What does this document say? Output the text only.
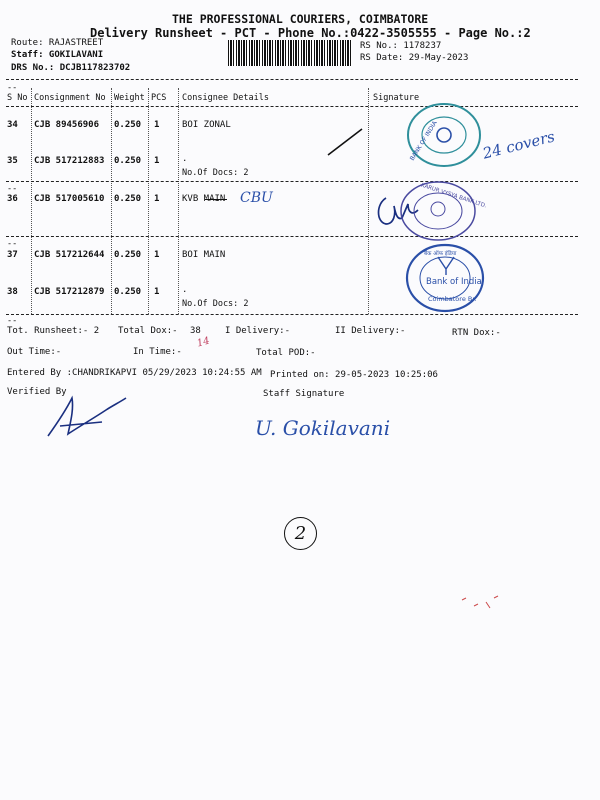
THE PROFESSIONAL COURIERS, COIMBATORE
Delivery Runsheet - PCT - Phone No.:0422-3505555 - Page No.:2
Route: RAJASTREET
Staff: GOKILAVANI
DRS No.: DCJB117823702
RS No.: 1178237
RS Date: 29-May-2023
--
S No Consignment No Weight PCS Consignee Details	Signature
34 CJB 89456906 0.250 1	BOI ZONAL
35 CJB 517212883 0.250 1	.
No.Of Docs: 2
--
36 CJB 517005610 0.250 1	KVB MAIN
--
37 CJB 517212644 0.250 1	BOI MAIN
38 CJB 517212879 0.250 1	.
No.Of Docs: 2
--
Tot. Runsheet:- 2 Total Dox:- 38	I Delivery:-	II Delivery:-	RTN Dox:-
Out Time:-	In Time:-	Total POD:-
Entered By :CHANDRIKAPVI 05/29/2023 10:24:55 AM Printed on: 29-05-2023 10:25:06
Verified By	Staff Signature
24 covers
CBU
14
U. Gokilavani
BANK OF INDIA
KARUR VYSYA BANK LTD.
बैंक ऑफ इंडिया
Bank of India
Coimbatore Br.
2
